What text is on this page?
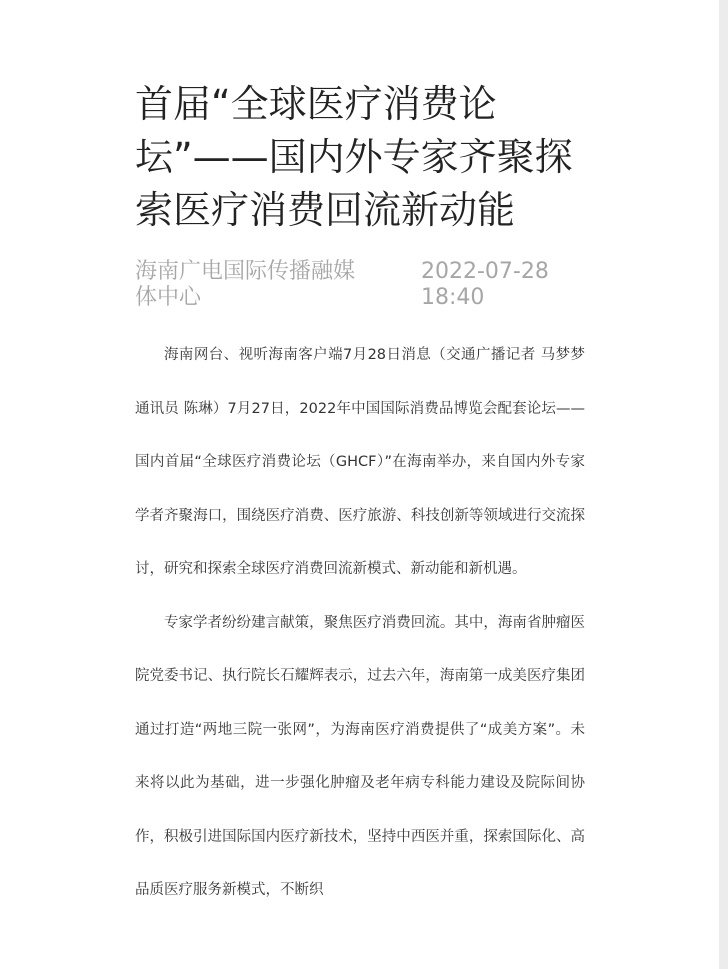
首届“全球医疗消费论坛”——国内外专家齐聚探索医疗消费回流新动能
海南广电国际传播融媒体中心
2022-07-28 18:40

海南网台、视听海南客户端7月28日消息（交通广播记者 马梦梦 通讯员 陈琳）7月27日，2022年中国国际消费品博览会配套论坛——国内首届“全球医疗消费论坛（GHCF）”在海南举办，来自国内外专家学者齐聚海口，围绕医疗消费、医疗旅游、科技创新等领域进行交流探讨，研究和探索全球医疗消费回流新模式、新动能和新机遇。

专家学者纷纷建言献策，聚焦医疗消费回流。其中，海南省肿瘤医院党委书记、执行院长石耀辉表示，过去六年，海南第一成美医疗集团通过打造“两地三院一张网”，为海南医疗消费提供了“成美方案”。未来将以此为基础，进一步强化肿瘤及老年病专科能力建设及院际间协作，积极引进国际国内医疗新技术，坚持中西医并重，探索国际化、高品质医疗服务新模式，不断织
